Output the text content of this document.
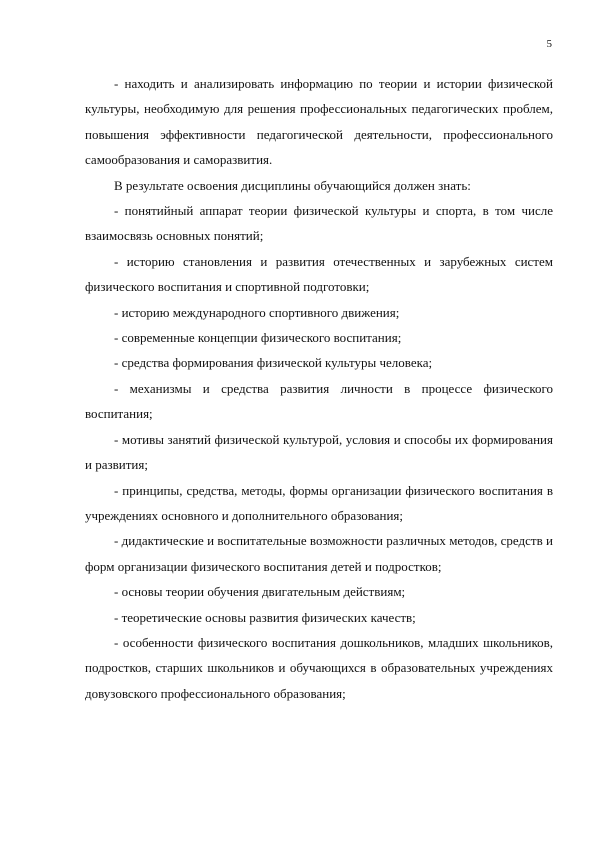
5

- находить и анализировать информацию по теории и истории физической культуры, необходимую для решения профессиональных педагогических проблем, повышения эффективности педагогической деятельности, профессионального самообразования и саморазвития.

В результате освоения дисциплины обучающийся должен знать:

- понятийный аппарат теории физической культуры и спорта, в том числе взаимосвязь основных понятий;

- историю становления и развития отечественных и зарубежных систем физического воспитания и спортивной подготовки;

- историю международного спортивного движения;

- современные концепции физического воспитания;

- средства формирования физической культуры человека;

- механизмы и средства развития личности в процессе физического воспитания;

- мотивы занятий физической культурой, условия и способы их формирования и развития;

- принципы, средства, методы, формы организации физического воспитания в учреждениях основного и дополнительного образования;

- дидактические и воспитательные возможности различных методов, средств и форм организации физического воспитания детей и подростков;

- основы теории обучения двигательным действиям;

- теоретические основы развития физических качеств;

- особенности физического воспитания дошкольников, младших школьников, подростков, старших школьников и обучающихся в образовательных учреждениях довузовского профессионального образования;
